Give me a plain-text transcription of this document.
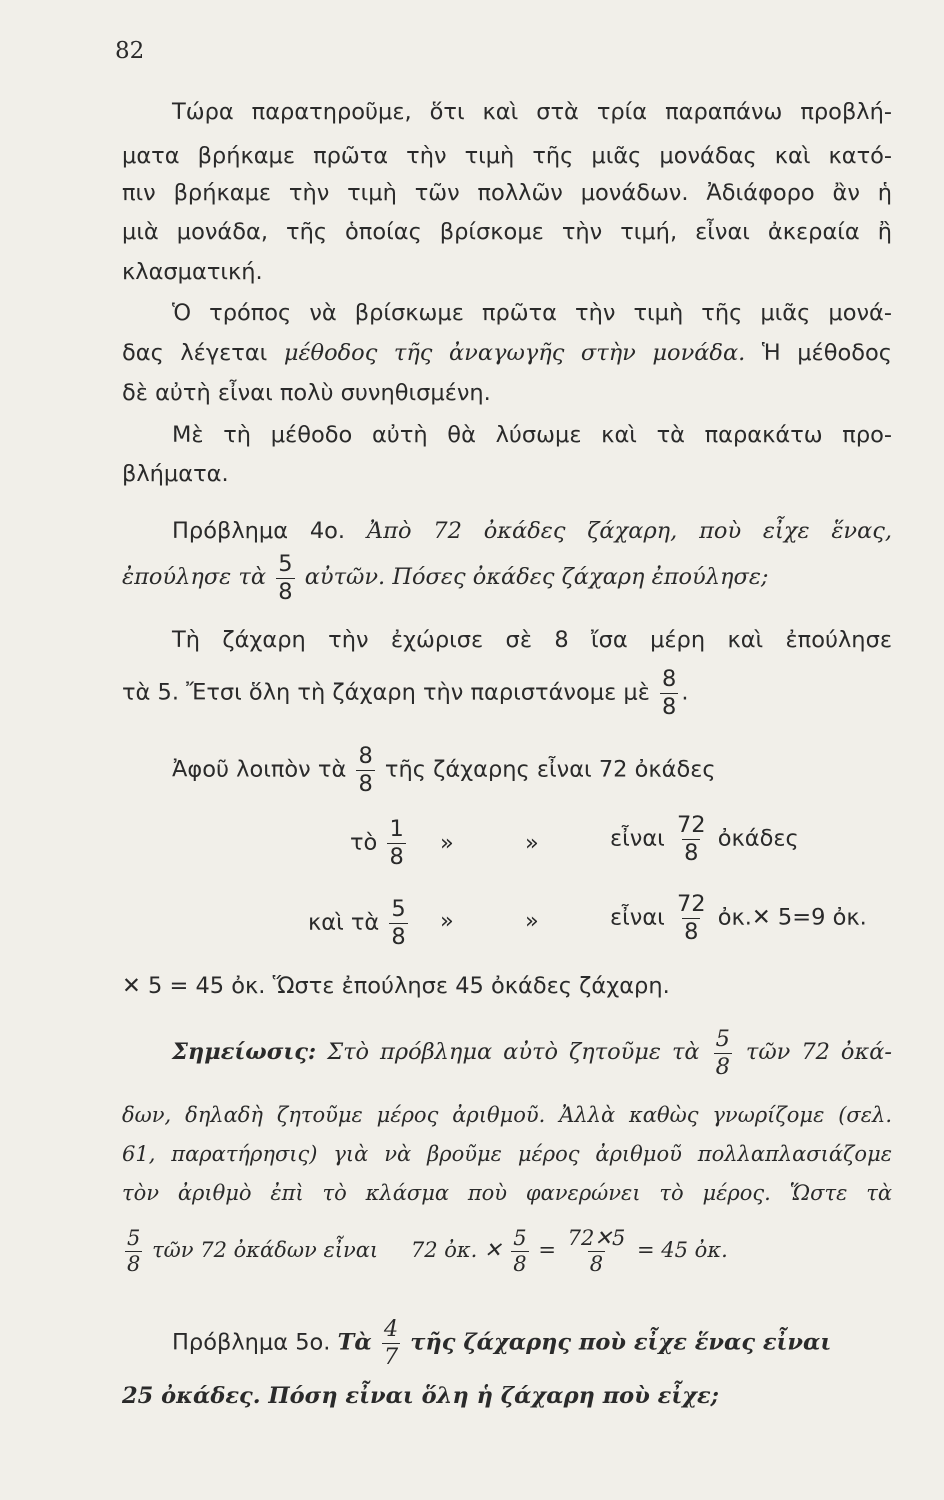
82
Τώρα παρατηροῦμε, ὅτι καὶ στὰ τρία παραπάνω προβλή-
ματα βρήκαμε πρῶτα τὴν τιμὴ τῆς μιᾶς μονάδας καὶ κατό-
πιν βρήκαμε τὴν τιμὴ τῶν πολλῶν μονάδων. Ἀδιάφορο ἂν ἡ
μιὰ μονάδα, τῆς ὁποίας βρίσκομε τὴν τιμή, εἶναι ἀκεραία ἢ
κλασματική.
Ὁ τρόπος νὰ βρίσκωμε πρῶτα τὴν τιμὴ τῆς μιᾶς μονά-
δας λέγεται μέθοδος τῆς ἀναγωγῆς στὴν μονάδα. Ἡ μέθοδος
δὲ αὐτὴ εἶναι πολὺ συνηθισμένη.
Μὲ τὴ μέθοδο αὐτὴ θὰ λύσωμε καὶ τὰ παρακάτω προ-
βλήματα.
Πρόβλημα 4ο. Ἀπὸ 72 ὀκάδες ζάχαρη, ποὺ εἶχε ἕνας,
ἐπούλησε τὰ $\frac{5}{8}$ αὐτῶν. Πόσες ὀκάδες ζάχαρη ἐπούλησε;
Τὴ ζάχαρη τὴν ἐχώρισε σὲ 8 ἴσα μέρη καὶ ἐπούλησε
τὰ 5. Ἔτσι ὅλη τὴ ζάχαρη τὴν παριστάνομε μὲ $\frac{8}{8}$ .
Ἀφοῦ λοιπὸν τὰ $\frac{8}{8}$ τῆς ζάχαρης εἶναι 72 ὀκάδες
τὸ $\frac{1}{8}$ »	»	εἶναι $\frac{72}{8}$ ὀκάδες
καὶ τὰ $\frac{5}{8}$ »	»	εἶναι $\frac{72}{8}$ ὀκ.✕ 5=9 ὀκ.
✕ 5 = 45 ὀκ. Ὥστε ἐπούλησε 45 ὀκάδες ζάχαρη.
Σημείωσις: Στὸ πρόβλημα αὐτὸ ζητοῦμε τὰ $\frac{5}{8}$ τῶν 72 ὀκά-
δων, δηλαδὴ ζητοῦμε μέρος ἀριθμοῦ. Ἀλλὰ καθὼς γνωρίζομε (σελ.
61, παρατήρησις) γιὰ νὰ βροῦμε μέρος ἀριθμοῦ πολλαπλασιάζομε
τὸν ἀριθμὸ ἐπὶ τὸ κλάσμα ποὺ φανερώνει τὸ μέρος. Ὥστε τὰ
$\frac{5}{8}$ τῶν 72 ὀκάδων εἶναι 72 ὀκ. ✕ $\frac{5}{8} = \frac{72✕5}{8} = 45$ ὀκ.
Πρόβλημα 5ο. Τὰ $\frac{4}{7}$ τῆς ζάχαρης ποὺ εἶχε ἕνας εἶναι
25 ὀκάδες. Πόση εἶναι ὅλη ἡ ζάχαρη ποὺ εἶχε;
